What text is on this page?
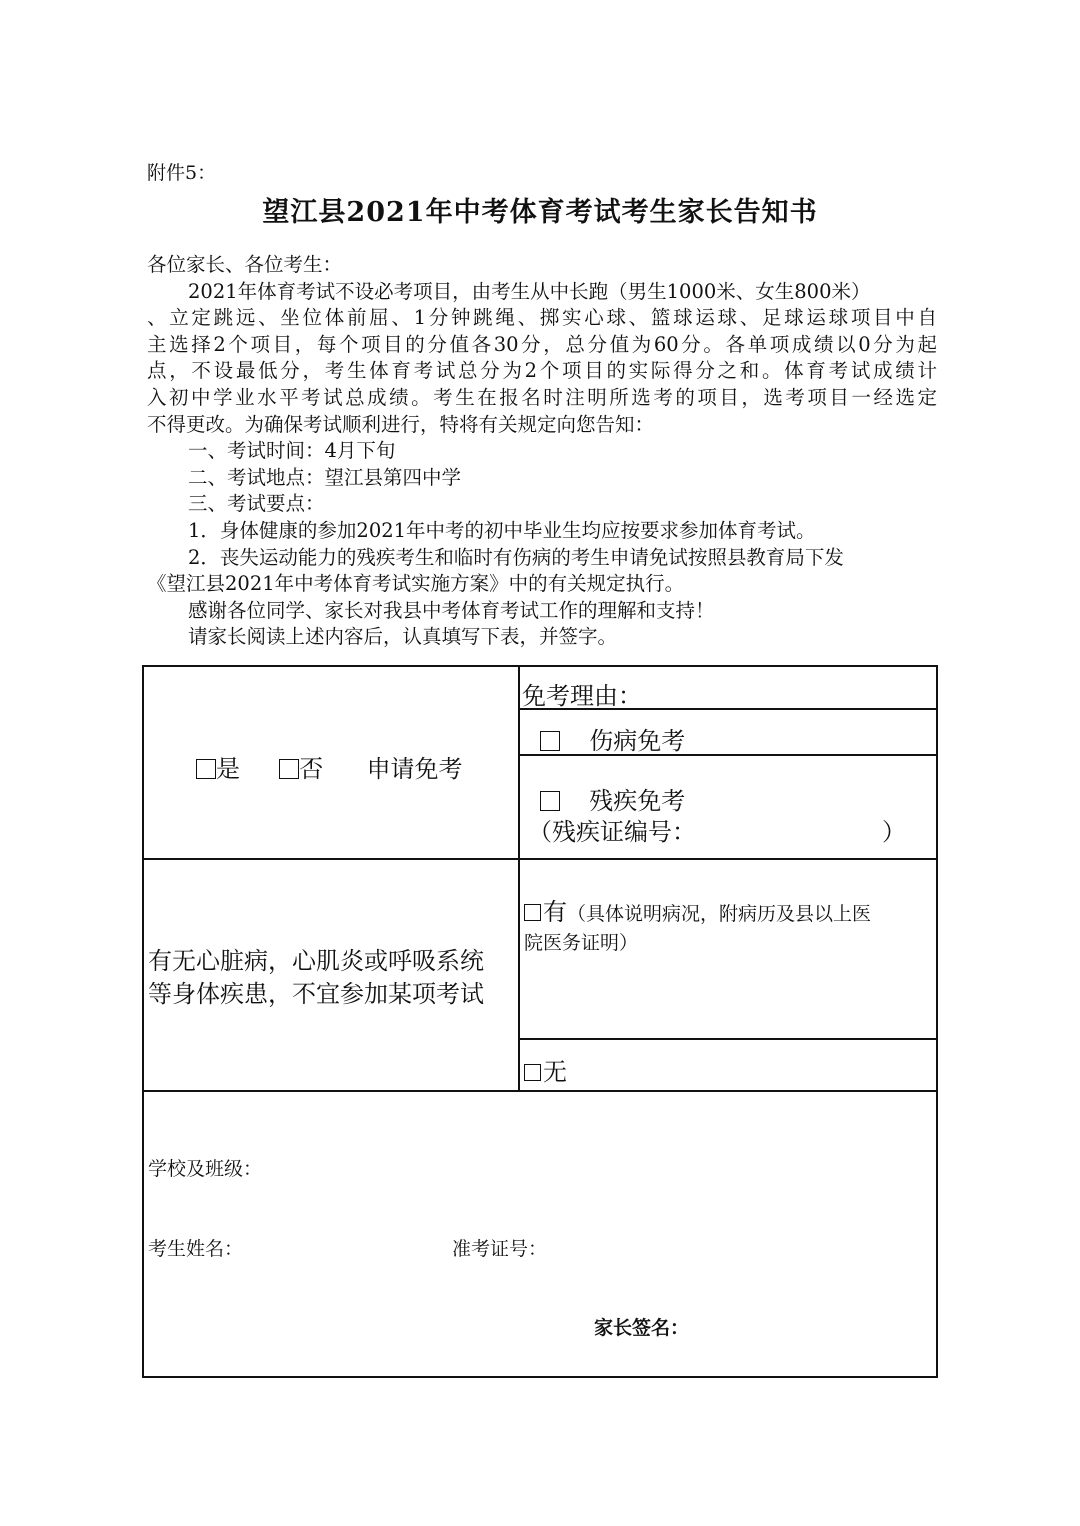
附件5：
望江县2021年中考体育考试考生家长告知书
各位家长、各位考生：
2021年体育考试不设必考项目，由考生从中长跑（男生1000米、女生800米）
、立定跳远、坐位体前屈、1分钟跳绳、掷实心球、篮球运球、足球运球项目中自
主选择2个项目，每个项目的分值各30分，总分值为60分。各单项成绩以0分为起
点，不设最低分，考生体育考试总分为2个项目的实际得分之和。体育考试成绩计
入初中学业水平考试总成绩。考生在报名时注明所选考的项目，选考项目一经选定
不得更改。为确保考试顺利进行，特将有关规定向您告知：
一、考试时间：4月下旬
二、考试地点：望江县第四中学
三、考试要点：
1．身体健康的参加2021年中考的初中毕业生均应按要求参加体育考试。
2．丧失运动能力的残疾考生和临时有伤病的考生申请免试按照县教育局下发
《望江县2021年中考体育考试实施方案》中的有关规定执行。
感谢各位同学、家长对我县中考体育考试工作的理解和支持！
请家长阅读上述内容后，认真填写下表，并签字。
是 否 申请免考
免考理由：
伤病免考
残疾免考
（残疾证编号：	）
有无心脏病，心肌炎或呼吸系统
等身体疾患，不宜参加某项考试
有（具体说明病况，附病历及县以上医
院医务证明）
无
学校及班级：
考生姓名：	准考证号：
家长签名：
